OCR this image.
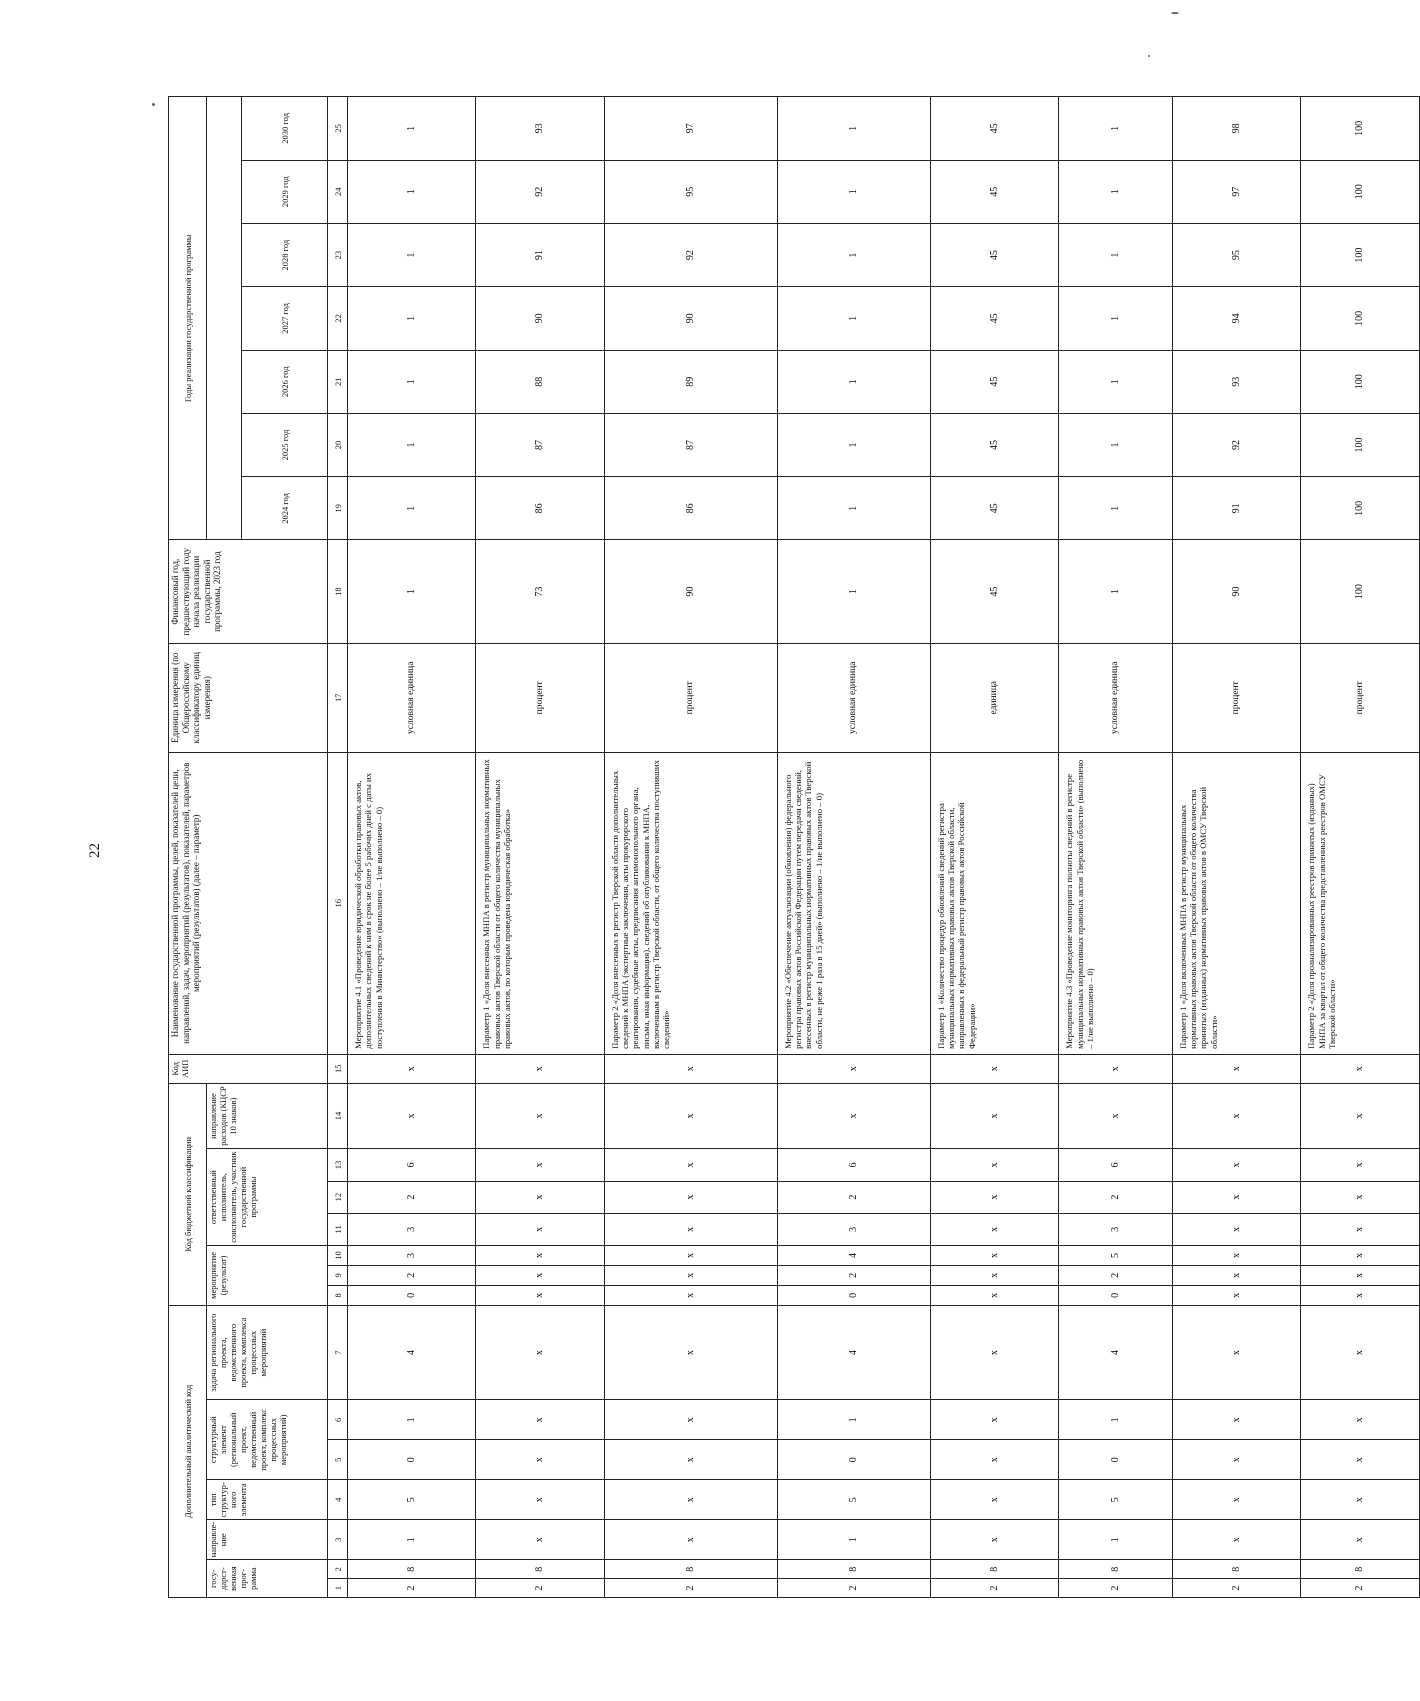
22
Дополнительный аналитический код							Код бюджетной классификации							Код АИП	Наименование государственной программы, целей, показателей цели, направлений, задач, мероприятий (результатов), показателей, параметров мероприятий (результатов) (далее – параметр)	Единица измерения (по Общероссийскому классификатору единиц измерения)	Финансовый год, предшествующий году начала реализации государственной программы, 2023 год	Годы реализации государственной программы						
госу-дарст-венная прог-рамма		направле-ние	тип структур-ного элемента	структурный элемент (региональный проект, ведомственный проект, комплекс процессных мероприятий)		задача регионального проекта, ведомственного проекта, комплекса процессных мероприятий	мероприятие (результат)			ответственный исполнитель, соисполнитель, участник государственной программы			направление расходов (КЦСР 10 знаков)											
																		2024 год	2025 год	2026 год	2027 год	2028 год	2029 год	2030 год
1	2	3	4	5	6	7	8	9	10	11	12	13	14	15	16	17	18	19	20	21	22	23	24	25
2	8	1	5	0	1	4	0	2	3	3	2	6	x	x	Мероприятие 4.1 «Проведение юридической обработки правовых актов, дополнительных сведений к ним в срок не более 5 рабочих дней с даты их поступления в Министерство» (выполнено – 1/не выполнено – 0)	условная единица	1	1	1	1	1	1	1	1
2	8	x	x	x	x	x	x	x	x	x	x	x	x	x	Параметр 1 «Доля внесенных МНПА в регистр муниципальных нормативных правовых актов Тверской области от общего количества муниципальных правовых актов, по которым проведена юридическая обработка»	процент	73	86	87	88	90	91	92	93
2	8	x	x	x	x	x	x	x	x	x	x	x	x	x	Параметр 2 «Доля внесенных в регистр Тверской области дополнительных сведений к МНПА (экспертные заключения, акты прокурорского реагирования, судебные акты, предписания антимонопольного органа, письма, иная информация), сведений об опубликовании к МНПА, включенным в регистр Тверской области, от общего количества поступивших сведений»	процент	90	86	87	89	90	92	95	97
2	8	1	5	0	1	4	0	2	4	3	2	6	x	x	Мероприятие 4.2 «Обеспечение актуализации (обновления) федерального регистра правовых актов Российской Федерации путем передачи сведений, внесенных в регистр муниципальных нормативных правовых актов Тверской области, не реже 1 раза в 15 дней» (выполнено – 1/не выполнено – 0)	условная единица	1	1	1	1	1	1	1	1
2	8	x	x	x	x	x	x	x	x	x	x	x	x	x	Параметр 1 «Количество процедур обновлений сведений регистра муниципальных нормативных правовых актов Тверской области, направленных в федеральный регистр правовых актов Российской Федерации»	единица	45	45	45	45	45	45	45	45
2	8	1	5	0	1	4	0	2	5	3	2	6	x	x	Мероприятие 4.3 «Проведение мониторинга полноты сведений в регистре муниципальных нормативных правовых актов Тверской области» (выполнено – 1/не выполнено – 0)	условная единица	1	1	1	1	1	1	1	1
2	8	x	x	x	x	x	x	x	x	x	x	x	x	x	Параметр 1 «Доля включенных МНПА в регистр муниципальных нормативных правовых актов Тверской области от общего количества принятых (изданных) нормативных правовых актов в ОМСУ Тверской области»	процент	90	91	92	93	94	95	97	98
2	8	x	x	x	x	x	x	x	x	x	x	x	x	x	Параметр 2 «Доля проанализированных реестров принятых (изданных) МНПА за квартал от общего количества представленных реестров ОМСУ Тверской области»	процент	100	100	100	100	100	100	100	100
